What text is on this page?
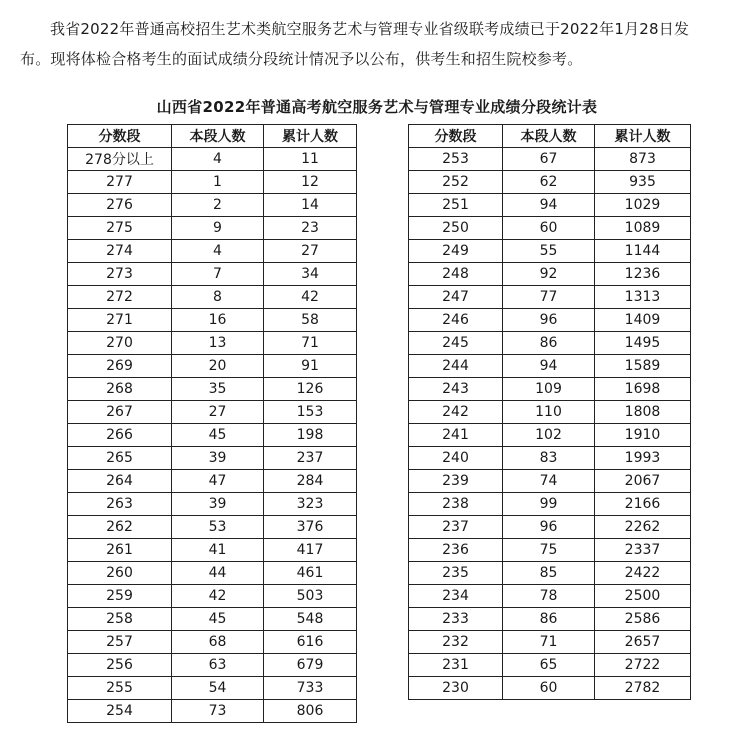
我省2022年普通高校招生艺术类航空服务艺术与管理专业省级联考成绩已于2022年1月28日发
布。现将体检合格考生的面试成绩分段统计情况予以公布，供考生和招生院校参考。

山西省2022年普通高考航空服务艺术与管理专业成绩分段统计表
分数段	本段人数	累计人数
278分以上	4	11
277	1	12
276	2	14
275	9	23
274	4	27
273	7	34
272	8	42
271	16	58
270	13	71
269	20	91
268	35	126
267	27	153
266	45	198
265	39	237
264	47	284
263	39	323
262	53	376
261	41	417
260	44	461
259	42	503
258	45	548
257	68	616
256	63	679
255	54	733
254	73	806
分数段	本段人数	累计人数
253	67	873
252	62	935
251	94	1029
250	60	1089
249	55	1144
248	92	1236
247	77	1313
246	96	1409
245	86	1495
244	94	1589
243	109	1698
242	110	1808
241	102	1910
240	83	1993
239	74	2067
238	99	2166
237	96	2262
236	75	2337
235	85	2422
234	78	2500
233	86	2586
232	71	2657
231	65	2722
230	60	2782
